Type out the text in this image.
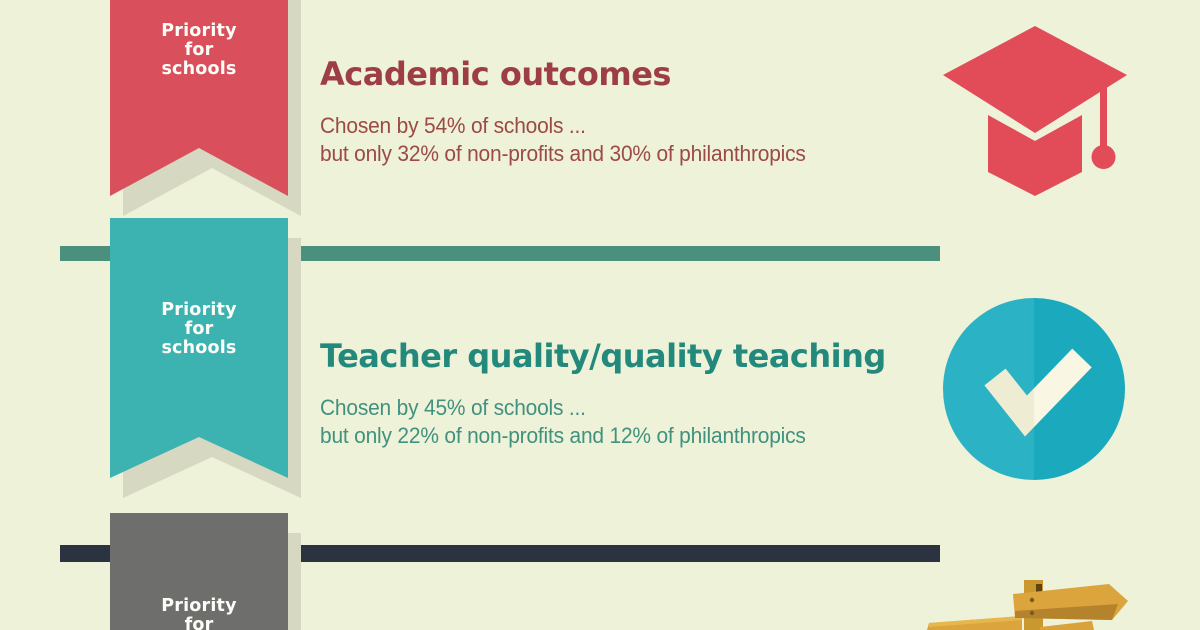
Priority
for
schools
Priority
for
schools
Priority
for
Academic outcomes
Chosen by 54% of schools ...
but only 32% of non-profits and 30% of philanthropics
Teacher quality/quality teaching
Chosen by 45% of schools ...
but only 22% of non-profits and 12% of philanthropics
